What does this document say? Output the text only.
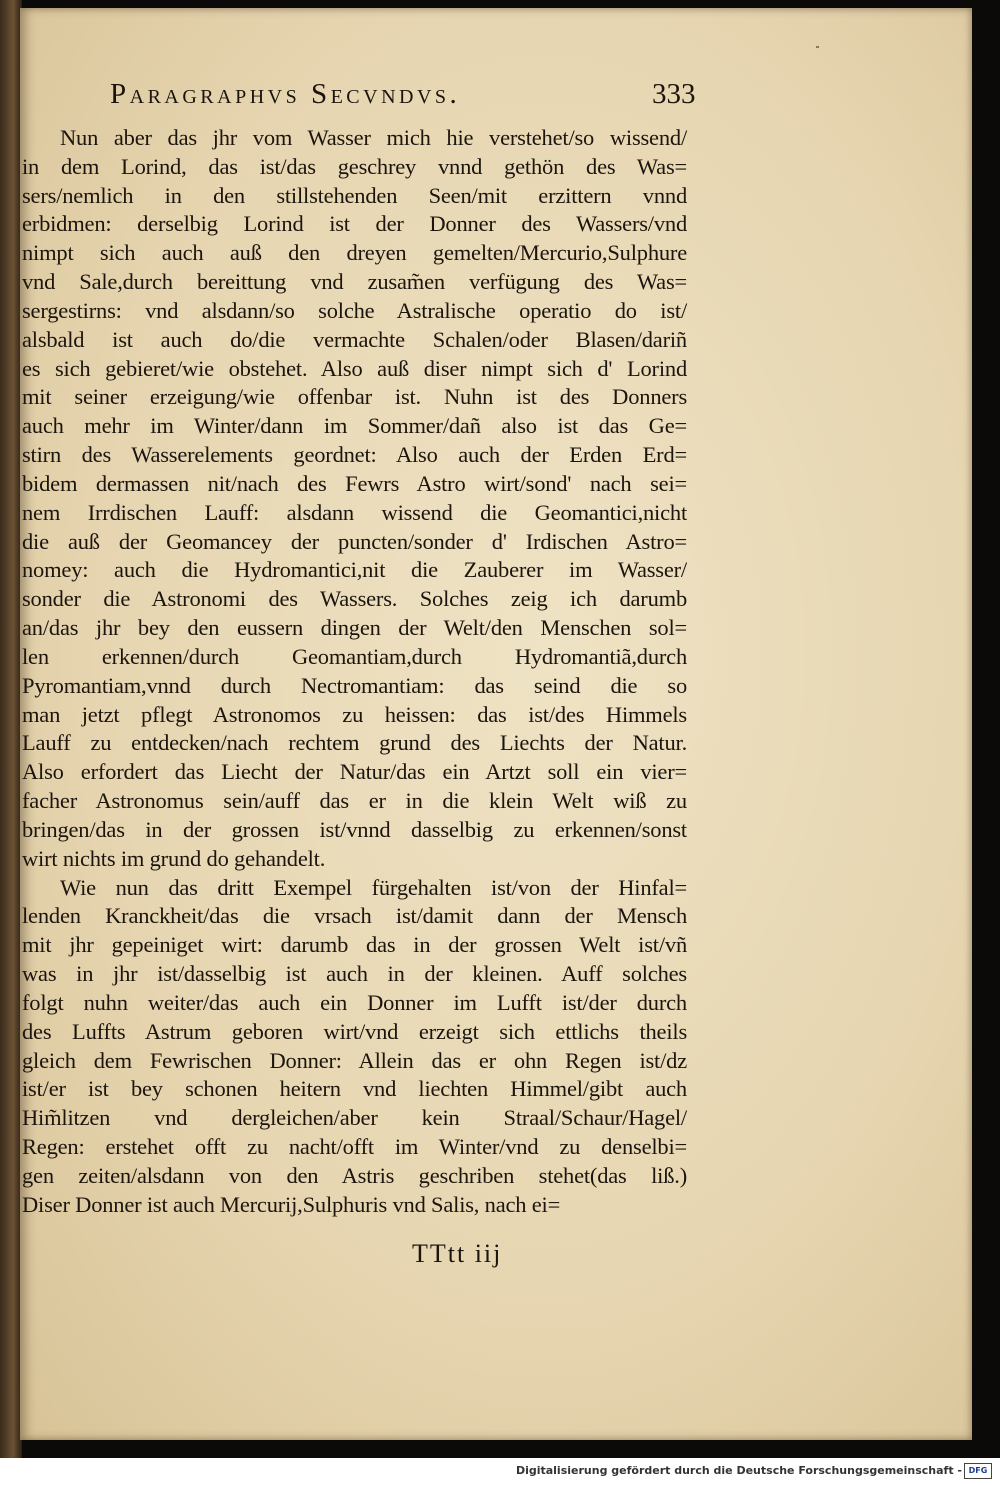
Paragraphvs Secvndvs.	333
Nun aber das jhr vom Wasser mich hie verstehet/so wissend/
in dem Lorind, das ist/das geschrey vnnd gethön des Was=
sers/nemlich in den stillstehenden Seen/mit erzittern vnnd
erbidmen: derselbig Lorind ist der Donner des Wassers/vnd
nimpt sich auch auß den dreyen gemelten/Mercurio,Sulphure
vnd Sale,durch bereittung vnd zusam̃en verfügung des Was=
sergestirns: vnd alsdann/so solche Astralische operatio do ist/
alsbald ist auch do/die vermachte Schalen/oder Blasen/dariñ
es sich gebieret/wie obstehet. Also auß diser nimpt sich d' Lorind
mit seiner erzeigung/wie offenbar ist. Nuhn ist des Donners
auch mehr im Winter/dann im Sommer/dañ also ist das Ge=
stirn des Wasserelements geordnet: Also auch der Erden Erd=
bidem dermassen nit/nach des Fewrs Astro wirt/sond' nach sei=
nem Irrdischen Lauff: alsdann wissend die Geomantici,nicht
die auß der Geomancey der puncten/sonder d' Irdischen Astro=
nomey: auch die Hydromantici,nit die Zauberer im Wasser/
sonder die Astronomi des Wassers. Solches zeig ich darumb
an/das jhr bey den eussern dingen der Welt/den Menschen sol=
len erkennen/durch Geomantiam,durch Hydromantiã,durch
Pyromantiam,vnnd durch Nectromantiam: das seind die so
man jetzt pflegt Astronomos zu heissen: das ist/des Himmels
Lauff zu entdecken/nach rechtem grund des Liechts der Natur.
Also erfordert das Liecht der Natur/das ein Artzt soll ein vier=
facher Astronomus sein/auff das er in die klein Welt wiß zu
bringen/das in der grossen ist/vnnd dasselbig zu erkennen/sonst
wirt nichts im grund do gehandelt.
Wie nun das dritt Exempel fürgehalten ist/von der Hinfal=
lenden Kranckheit/das die vrsach ist/damit dann der Mensch
mit jhr gepeiniget wirt: darumb das in der grossen Welt ist/vñ
was in jhr ist/dasselbig ist auch in der kleinen. Auff solches
folgt nuhn weiter/das auch ein Donner im Lufft ist/der durch
des Luffts Astrum geboren wirt/vnd erzeigt sich ettlichs theils
gleich dem Fewrischen Donner: Allein das er ohn Regen ist/dz
ist/er ist bey schonen heitern vnd liechten Himmel/gibt auch
Him̃litzen vnd dergleichen/aber kein Straal/Schaur/Hagel/
Regen: erstehet offt zu nacht/offt im Winter/vnd zu denselbi=
gen zeiten/alsdann von den Astris geschriben stehet(das liß.)
Diser Donner ist auch Mercurij,Sulphuris vnd Salis, nach ei=
TTtt iij
Digitalisierung gefördert durch die Deutsche Forschungsgemeinschaft - DFG
